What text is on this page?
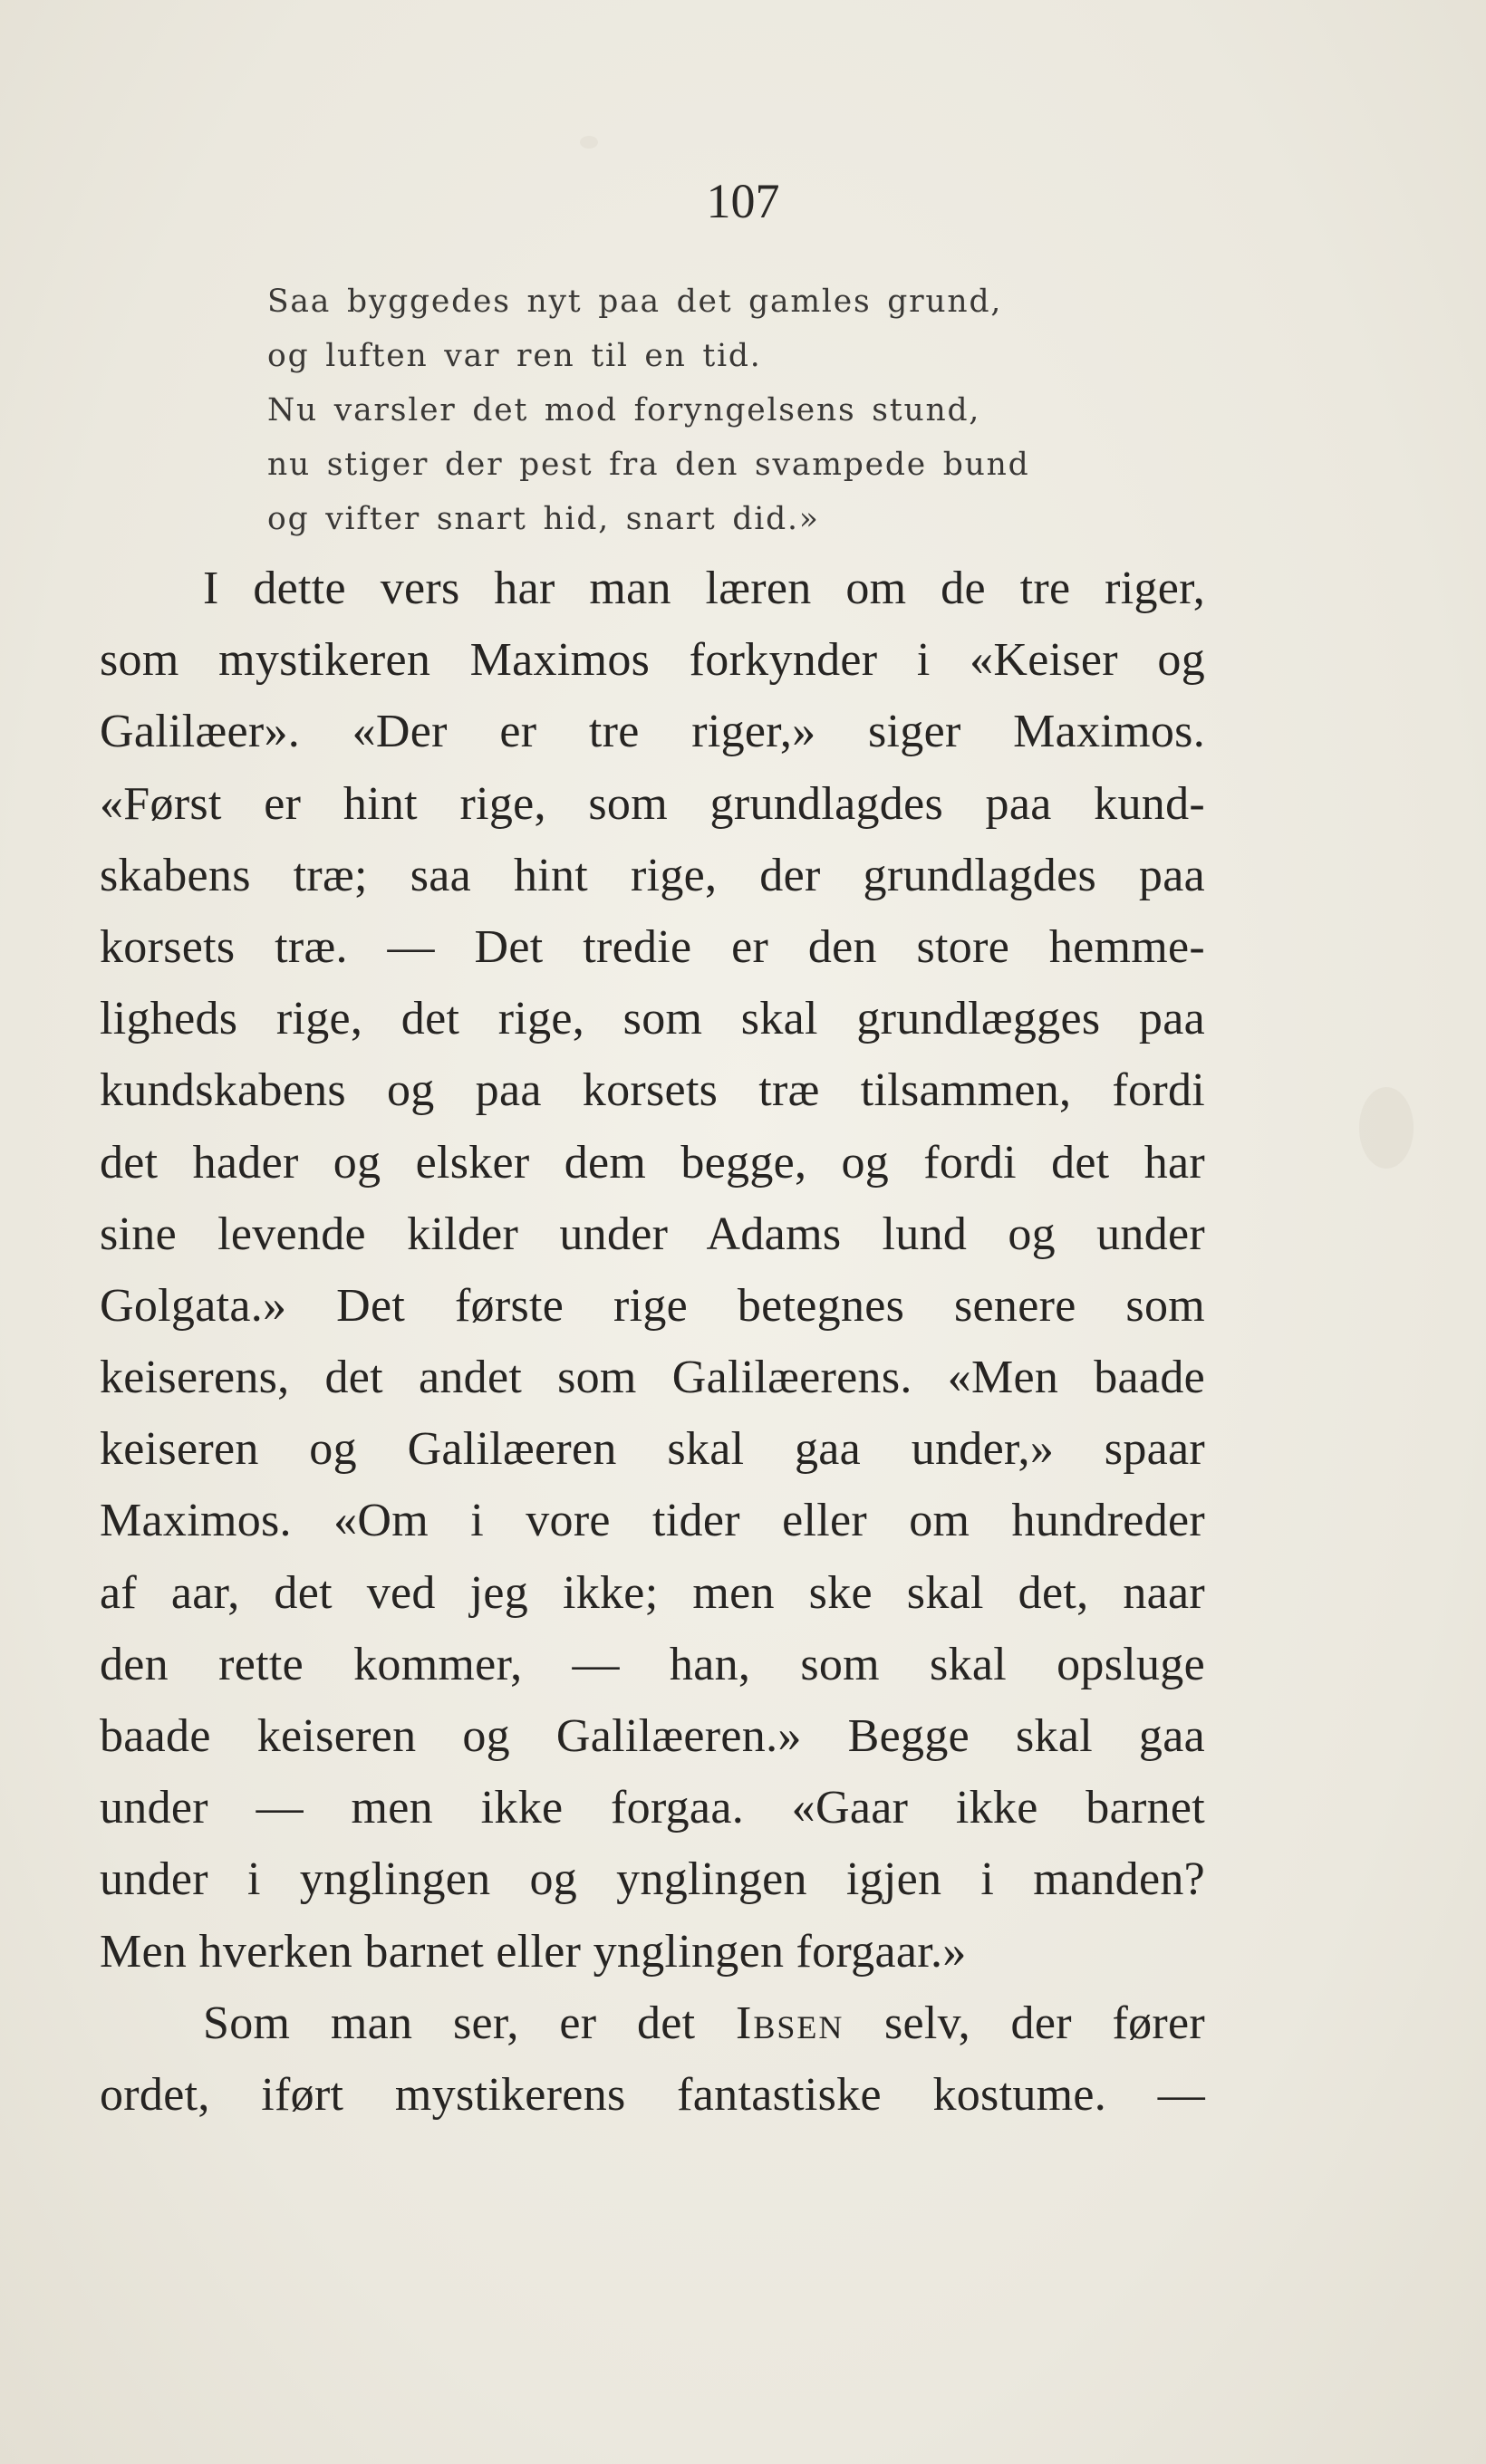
107
Saa byggedes nyt paa det gamles grund,
og luften var ren til en tid.
Nu varsler det mod foryngelsens stund,
nu stiger der pest fra den svampede bund
og vifter snart hid, snart did.»
I dette vers har man læren om de tre riger,
som mystikeren Maximos forkynder i «Keiser og
Galilæer». «Der er tre riger,» siger Maximos.
«Først er hint rige, som grundlagdes paa kund-
skabens træ; saa hint rige, der grundlagdes paa
korsets træ. — Det tredie er den store hemme-
ligheds rige, det rige, som skal grundlægges paa
kundskabens og paa korsets træ tilsammen, fordi
det hader og elsker dem begge, og fordi det har
sine levende kilder under Adams lund og under
Golgata.» Det første rige betegnes senere som
keiserens, det andet som Galilæerens. «Men baade
keiseren og Galilæeren skal gaa under,» spaar
Maximos. «Om i vore tider eller om hundreder
af aar, det ved jeg ikke; men ske skal det, naar
den rette kommer, — han, som skal opsluge
baade keiseren og Galilæeren.» Begge skal gaa
under — men ikke forgaa. «Gaar ikke barnet
under i ynglingen og ynglingen igjen i manden?
Men hverken barnet eller ynglingen forgaar.»
Som man ser, er det Ibsen selv, der fører
ordet, iført mystikerens fantastiske kostume. —
